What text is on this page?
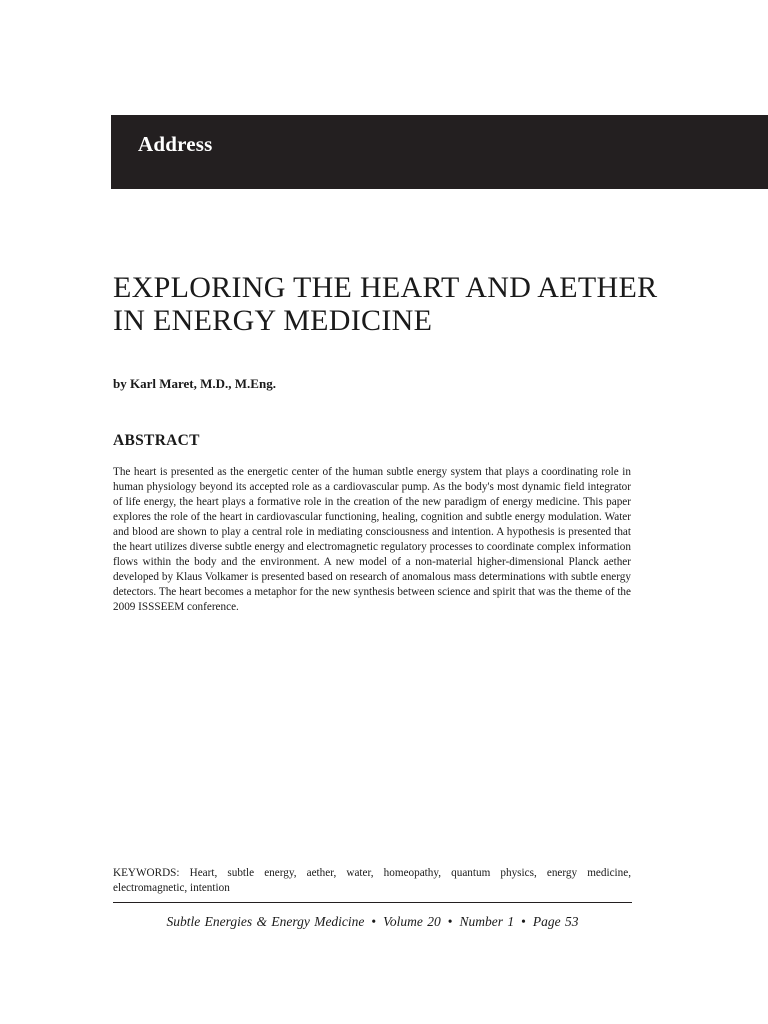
Address
EXPLORING THE HEART AND AETHER IN ENERGY MEDICINE
by Karl Maret, M.D., M.Eng.
ABSTRACT

The heart is presented as the energetic center of the human subtle energy system that plays a coordinating role in human physiology beyond its accepted role as a cardiovascular pump. As the body's most dynamic field integrator of life energy, the heart plays a formative role in the creation of the new paradigm of energy medicine. This paper explores the role of the heart in cardiovascular functioning, healing, cognition and subtle energy modulation. Water and blood are shown to play a central role in mediating consciousness and intention. A hypothesis is presented that the heart utilizes diverse subtle energy and electromagnetic regulatory processes to coordinate complex information flows within the body and the environment. A new model of a non-material higher-dimensional Planck aether developed by Klaus Volkamer is presented based on research of anomalous mass determinations with subtle energy detectors. The heart becomes a metaphor for the new synthesis between science and spirit that was the theme of the 2009 ISSSEEM conference.

KEYWORDS: Heart, subtle energy, aether, water, homeopathy, quantum physics, energy medicine, electromagnetic, intention
Subtle Energies & Energy Medicine • Volume 20 • Number 1 • Page 53
